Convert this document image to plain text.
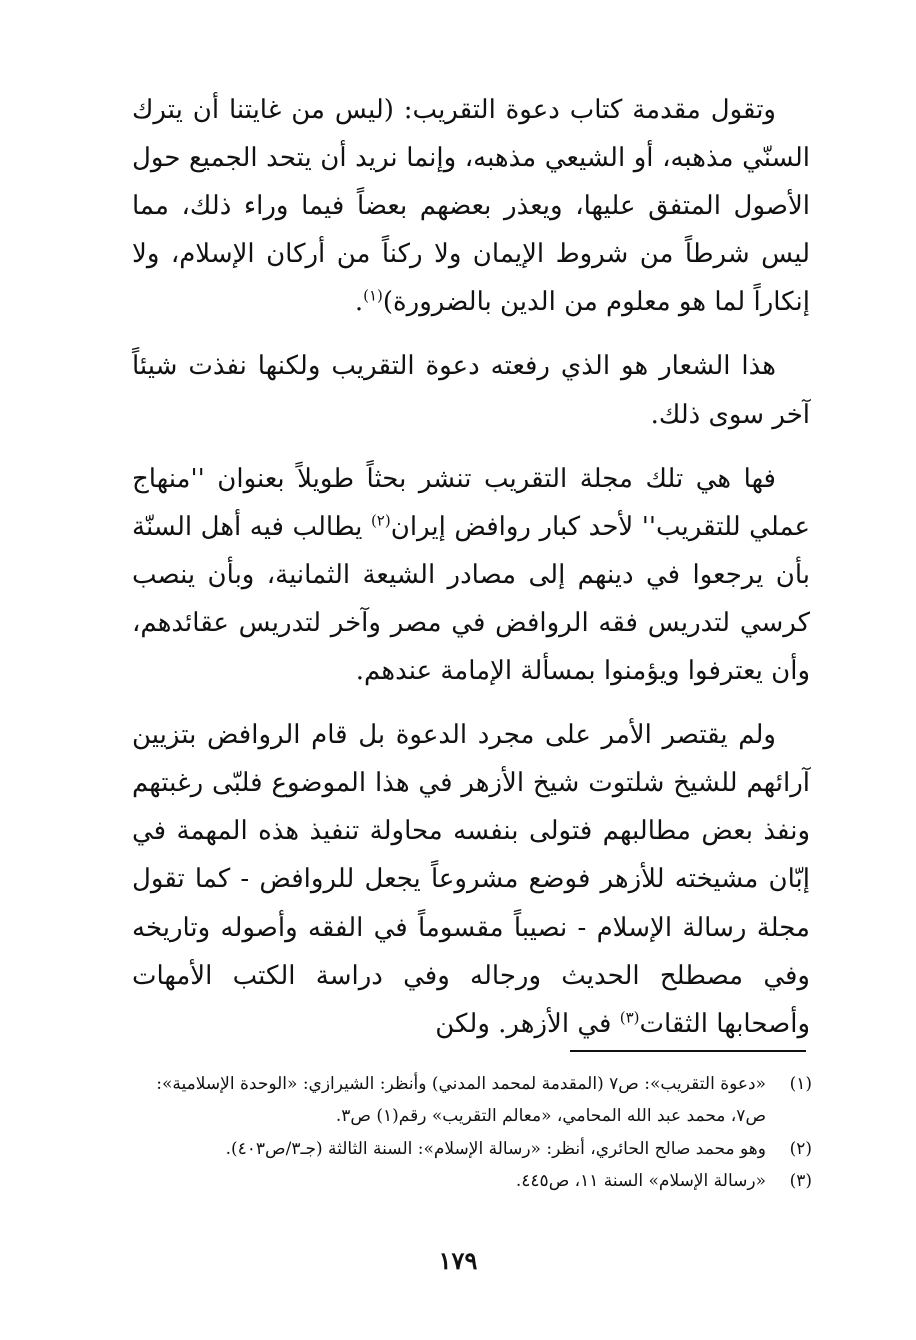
وتقول مقدمة كتاب دعوة التقريب: (ليس من غايتنا أن يترك السنّي مذهبه، أو الشيعي مذهبه، وإنما نريد أن يتحد الجميع حول الأصول المتفق عليها، ويعذر بعضهم بعضاً فيما وراء ذلك، مما ليس شرطاً من شروط الإيمان ولا ركناً من أركان الإسلام، ولا إنكاراً لما هو معلوم من الدين بالضرورة)$^{(١)}$.

هذا الشعار هو الذي رفعته دعوة التقريب ولكنها نفذت شيئاً آخر سوى ذلك.

فها هي تلك مجلة التقريب تنشر بحثاً طويلاً بعنوان ''منهاج عملي للتقريب'' لأحد كبار روافض إيران$^{(٢)}$ يطالب فيه أهل السنّة بأن يرجعوا في دينهم إلى مصادر الشيعة الثمانية، وبأن ينصب كرسي لتدريس فقه الروافض في مصر وآخر لتدريس عقائدهم، وأن يعترفوا ويؤمنوا بمسألة الإمامة عندهم.

ولم يقتصر الأمر على مجرد الدعوة بل قام الروافض بتزيين آرائهم للشيخ شلتوت شيخ الأزهر في هذا الموضوع فلبّى رغبتهم ونفذ بعض مطالبهم فتولى بنفسه محاولة تنفيذ هذه المهمة في إبّان مشيخته للأزهر فوضع مشروعاً يجعل للروافض - كما تقول مجلة رسالة الإسلام - نصيباً مقسوماً في الفقه وأصوله وتاريخه وفي مصطلح الحديث ورجاله وفي دراسة الكتب الأمهات وأصحابها الثقات$^{(٣)}$ في الأزهر. ولكن

(١)
«دعوة التقريب»: ص٧ (المقدمة لمحمد المدني) وأنظر: الشيرازي: «الوحدة الإسلامية»: ص٧، محمد عبد الله المحامي، «معالم التقريب» رقم(١) ص٣.

(٢)
وهو محمد صالح الحائري، أنظر: «رسالة الإسلام»: السنة الثالثة (جـ٣/ص٤٠٣).

(٣)
«رسالة الإسلام» السنة ١١، ص٤٤٥.

١٧٩
